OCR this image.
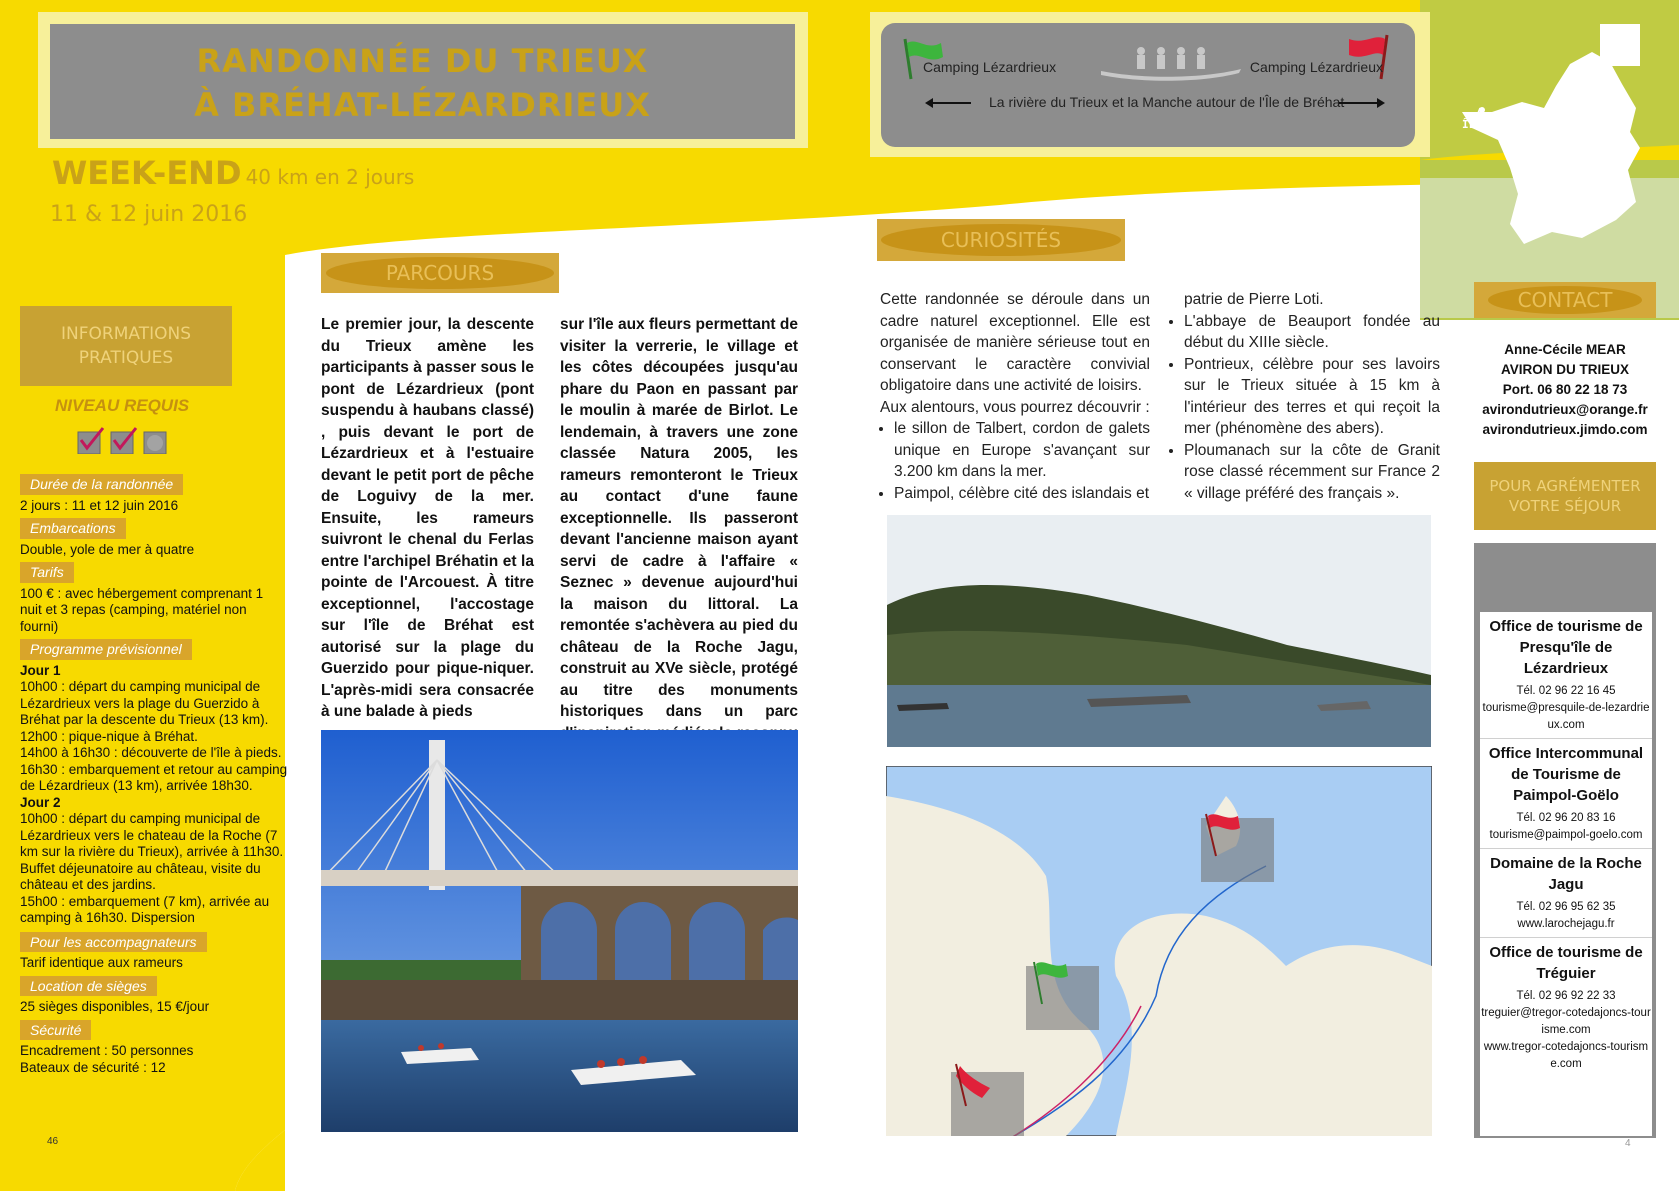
RANDONNÉE DU TRIEUX
À BRÉHAT-LÉZARDRIEUX
Camping Lézardrieux	Camping Lézardrieux
La rivière du Trieux et la Manche autour de l'Île de Bréhat
ÎLE DE BRÉHAT
WEEK-END
- 40 km en 2 jours
11 & 12 juin 2016
INFORMATIONS
PRATIQUES
NIVEAU REQUIS
Durée de la randonnée

2 jours : 11 et 12 juin 2016

Embarcations

Double, yole de mer à quatre

Tarifs

100 € : avec hébergement comprenant 1 nuit et 3 repas (camping, matériel non fourni)

Programme prévisionnel

Jour 1

10h00 : départ du camping municipal de Lézardrieux vers la plage du Guerzido à Bréhat par la descente du Trieux (13 km).

12h00 : pique-nique à Bréhat.

14h00 à 16h30 : découverte de l'île à pieds.

16h30 : embarquement et retour au camping de Lézardrieux (13 km), arrivée 18h30.

Jour 2

10h00 : départ du camping municipal de Lézardrieux vers le chateau de la Roche (7 km sur la rivière du Trieux), arrivée à 11h30. Buffet déjeunatoire au château, visite du château et des jardins.

15h00 : embarquement (7 km), arrivée au camping à 16h30. Dispersion

Pour les accompagnateurs

Tarif identique aux rameurs

Location de sièges

25 sièges disponibles, 15 €/jour

Sécurité

Encadrement : 50 personnes

Bateaux de sécurité : 12

PARCOURS
Le premier jour, la descente du Trieux amène les participants à passer sous le pont de Lézardrieux (pont suspendu à haubans classé) , puis devant le port de Lézardrieux et à l'estuaire devant le petit port de pêche de Loguivy de la mer. Ensuite, les rameurs suivront le chenal du Ferlas entre l'archipel Bréhatin et la pointe de l'Arcouest. À titre exceptionnel, l'accostage sur l'île de Bréhat est autorisé sur la plage du Guerzido pour pique-niquer. L'après-midi sera consacrée à une balade à pieds
sur l'île aux fleurs permettant de visiter la verrerie, le village et les côtes découpées jusqu'au phare du Paon en passant par le moulin à marée de Birlot. Le lendemain, à travers une zone classée Natura 2005, les rameurs remonteront le Trieux au contact d'une faune exceptionnelle. Ils passeront devant l'ancienne maison ayant servi de cadre à l'affaire « Seznec » devenue aujourd'hui la maison du littoral. La remontée s'achèvera au pied du château de la Roche Jagu, construit au XVe siècle, protégé au titre des monuments historiques dans un parc
CURIOSITÉS
Cette randonnée se déroule dans un cadre naturel exceptionnel. Elle est organisée de manière sérieuse tout en conservant le caractère convivial obligatoire dans une activité de loisirs.
Aux alentours, vous pourrez découvrir :
• le sillon de Talbert, cordon de galets unique en Europe s'avançant sur 3.200 km dans la mer.
• Paimpol, célèbre cité des islandais et
patrie de Pierre Loti.
• L'abbaye de Beauport fondée au début du XIIIe siècle.
• Pontrieux, célèbre pour ses lavoirs sur le Trieux située à 15 km à l'intérieur des terres et qui reçoit la mer (phénomène des abers).
• Ploumanach sur la côte de Granit rose classé récemment sur France 2 « village préféré des français ».
CONTACT
Anne-Cécile MEAR
AVIRON DU TRIEUX
Port. 06 80 22 18 73
avirondutrieux@orange.fr
avirondutrieux.jimdo.com
POUR AGRÉMENTER
VOTRE SÉJOUR
Office de tourisme de Presqu'île de Lézardrieux
Tél. 02 96 22 16 45
tourisme@presquile-de-lezardrieux.com
Office Intercommunal de Tourisme de Paimpol-Goëlo
Tél. 02 96 20 83 16
tourisme@paimpol-goelo.com
Domaine de la Roche Jagu
Tél. 02 96 95 62 35
www.larochejagu.fr
Office de tourisme de Tréguier
Tél. 02 96 92 22 33
treguier@tregor-cotedajoncs-tourisme.com
www.tregor-cotedajoncs-tourisme.com
46	4
